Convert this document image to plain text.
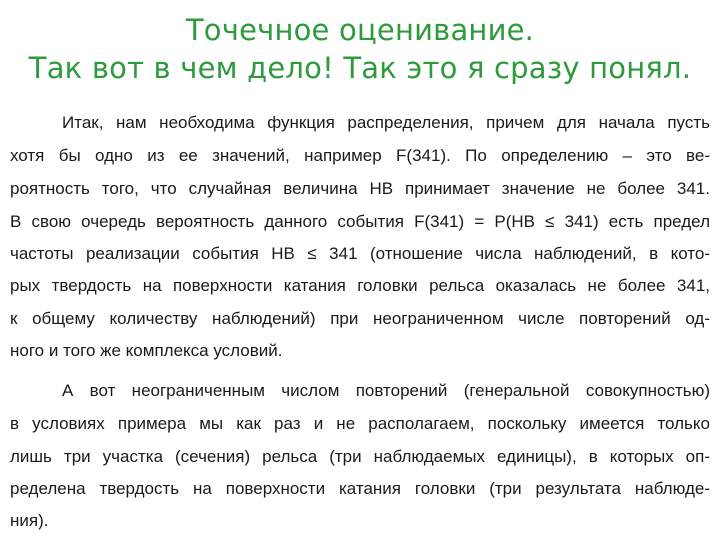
Точечное оценивание.
Так вот в чем дело! Так это я сразу понял.
Итак, нам необходима функция распределения, причем для начала пусть
хотя бы одно из ее значений, например F(341). По определению – это ве-
роятность того, что случайная величина HB принимает значение не более 341.
В свою очередь вероятность данного события F(341) = P(HB ≤ 341) есть предел
частоты реализации события HB ≤ 341 (отношение числа наблюдений, в кото-
рых твердость на поверхности катания головки рельса оказалась не более 341,
к общему количеству наблюдений) при неограниченном числе повторений од-
ного и того же комплекса условий.
А вот неограниченным числом повторений (генеральной совокупностью)
в условиях примера мы как раз и не располагаем, поскольку имеется только
лишь три участка (сечения) рельса (три наблюдаемых единицы), в которых оп-
ределена твердость на поверхности катания головки (три результата наблюде-
ния).
